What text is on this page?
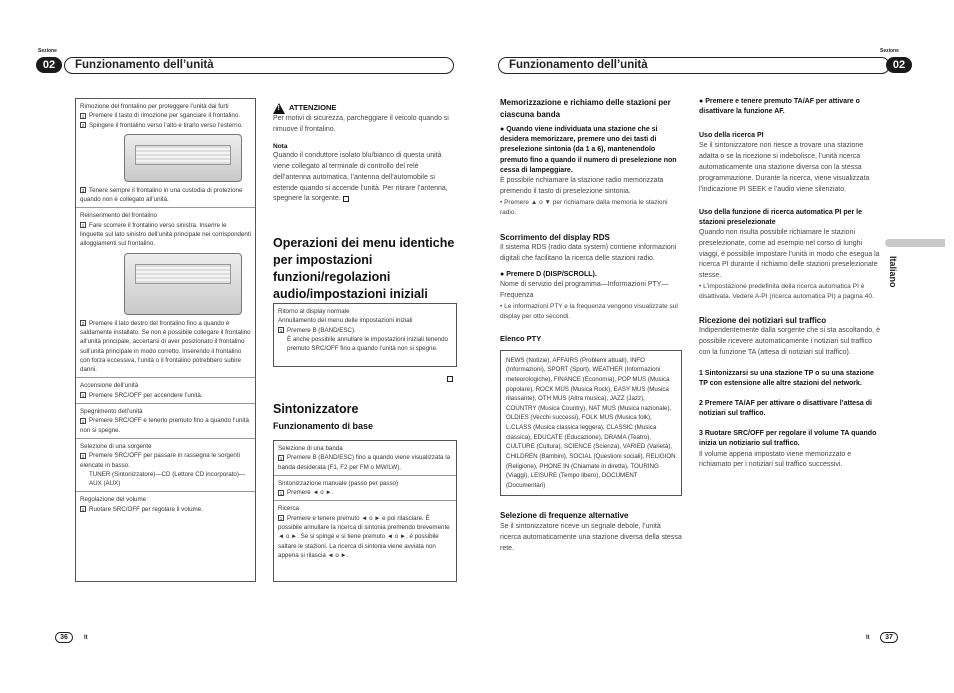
Sezione
02	Funzionamento dell’unità
Rimozione del frontalino per proteggere l’unità dai furti
1 Premere il tasto di rimozione per sganciare il frontalino.
2 Spingere il frontalino verso l’alto e tirarlo verso l’esterno.
3 Tenere sempre il frontalino in una custodia di protezione quando non è collegato all’unità.
Reinserimento del frontalino
1 Fare scorrere il frontalino verso sinistra. Inserire le linguette sul lato sinistro dell’unità principale nei corrispondenti alloggiamenti sul frontalino.
2 Premere il lato destro del frontalino fino a quando è saldamente installato. Se non è possibile collegare il frontalino all’unità principale, accertarsi di aver posizionato il frontalino sull’unità principale in modo corretto. Inserendo il frontalino con forza eccessiva, l’unità o il frontalino potrebbero subire danni.
Accensione dell’unità
1 Premere SRC/OFF per accendere l’unità.
Spegnimento dell’unità
1 Premere SRC/OFF e tenerlo premuto fino a quando l’unità non si spegne.
Selezione di una sorgente
1 Premere SRC/OFF per passare in rassegna le sorgenti elencate in basso.
TUNER (Sintonizzatore)—CD (Lettore CD incorporato)—AUX (AUX)
Regolazione del volume
1 Ruotare SRC/OFF per regolare il volume.
!
ATTENZIONE
Per motivi di sicurezza, parcheggiare il veicolo quando si rimuove il frontalino.
Nota
Quando il conduttore isolato blu/bianco di questa unità viene collegato al terminale di controllo del relè dell’antenna automatica, l’antenna dell’automobile si estende quando si accende l’unità. Per ritirare l’antenna, spegnere la sorgente.
Operazioni dei menu identiche per impostazioni funzioni/regolazioni audio/impostazioni iniziali
Ritorno al display normale
Annullamento del menu delle impostazioni iniziali
1 Premere B (BAND/ESC).
È anche possibile annullare le impostazioni iniziali tenendo premuto SRC/OFF fino a quando l’unità non si spegne.
Sintonizzatore
Funzionamento di base
Selezione di una banda
1 Premere B (BAND/ESC) fino a quando viene visualizzata la banda desiderata (F1, F2 per FM o MW/LW).
Sintonizzazione manuale (passo per passo)
1 Premere ◄ o ►.
Ricerca
1 Premere e tenere premuto ◄ o ► e poi rilasciare. È possibile annullare la ricerca di sintonia premendo brevemente ◄ o ►. Se si spinge e si tiene premuto ◄ o ►, è possibile saltare le stazioni. La ricerca di sintonia viene avviata non appena si rilascia ◄ o ►.
36	It
Sezione
Funzionamento dell’unità	02
Memorizzazione e richiamo delle stazioni per ciascuna banda
● Quando viene individuata una stazione che si desidera memorizzare, premere uno dei tasti di preselezione sintonia (da 1 a 6), mantenendolo premuto fino a quando il numero di preselezione non cessa di lampeggiare.
È possibile richiamare la stazione radio memorizzata premendo il tasto di preselezione sintonia.
• Premere ▲ o ▼ per richiamare dalla memoria le stazioni radio.
Scorrimento del display RDS
Il sistema RDS (radio data system) contiene informazioni digitali che facilitano la ricerca delle stazioni radio.
● Premere D (DISP/SCROLL).
Nome di servizio del programma—Informazioni PTY—Frequenza
• Le informazioni PTY e la frequenza vengono visualizzate sul display per otto secondi.
Elenco PTY
NEWS (Notizie), AFFAIRS (Problemi attuali), INFO (Informazioni), SPORT (Sport), WEATHER (Informazioni meteorologiche), FINANCE (Economia), POP MUS (Musica popolare), ROCK MUS (Musica Rock), EASY MUS (Musica rilassante), OTH MUS (Altra musica), JAZZ (Jazz), COUNTRY (Musica Country), NAT MUS (Musica nazionale), OLDIES (Vecchi successi), FOLK MUS (Musica folk), L.CLASS (Musica classica leggera), CLASSIC (Musica classica), EDUCATE (Educazione), DRAMA (Teatro), CULTURE (Cultura), SCIENCE (Scienza), VARIED (Varietà), CHILDREN (Bambini), SOCIAL (Questioni sociali), RELIGION (Religione), PHONE IN (Chiamate in diretta), TOURING (Viaggi), LEISURE (Tempo libero), DOCUMENT (Documentari)
Selezione di frequenze alternative
Se il sintonizzatore riceve un segnale debole, l’unità ricerca automaticamente una stazione diversa della stessa rete.
● Premere e tenere premuto TA/AF per attivare o disattivare la funzione AF.
Uso della ricerca PI
Se il sintonizzatore non riesce a trovare una stazione adatta o se la ricezione si indebolisce, l’unità ricerca automaticamente una stazione diversa con la stessa programmazione. Durante la ricerca, viene visualizzata l’indicazione PI SEEK e l’audio viene silenziato.
Uso della funzione di ricerca automatica PI per le stazioni preselezionate
Quando non risulta possibile richiamare le stazioni preselezionate, come ad esempio nel corso di lunghi viaggi, è possibile impostare l’unità in modo che esegua la ricerca PI durante il richiamo delle stazioni preselezionate stesse.
• L’impostazione predefinita della ricerca automatica PI è disattivata. Vedere A-PI (ricerca automatica PI) a pagina 40.
Ricezione dei notiziari sul traffico
Indipendentemente dalla sorgente che si sta ascoltando, è possibile ricevere automaticamente i notiziari sul traffico con la funzione TA (attesa di notiziari sul traffico).
1 Sintonizzarsi su una stazione TP o su una stazione TP con estensione alle altre stazioni del network.
2 Premere TA/AF per attivare o disattivare l’attesa di notiziari sul traffico.
3 Ruotare SRC/OFF per regolare il volume TA quando inizia un notiziario sul traffico.
Il volume appena impostato viene memorizzato e richiamato per i notiziari sul traffico successivi.
Italiano
It	37
